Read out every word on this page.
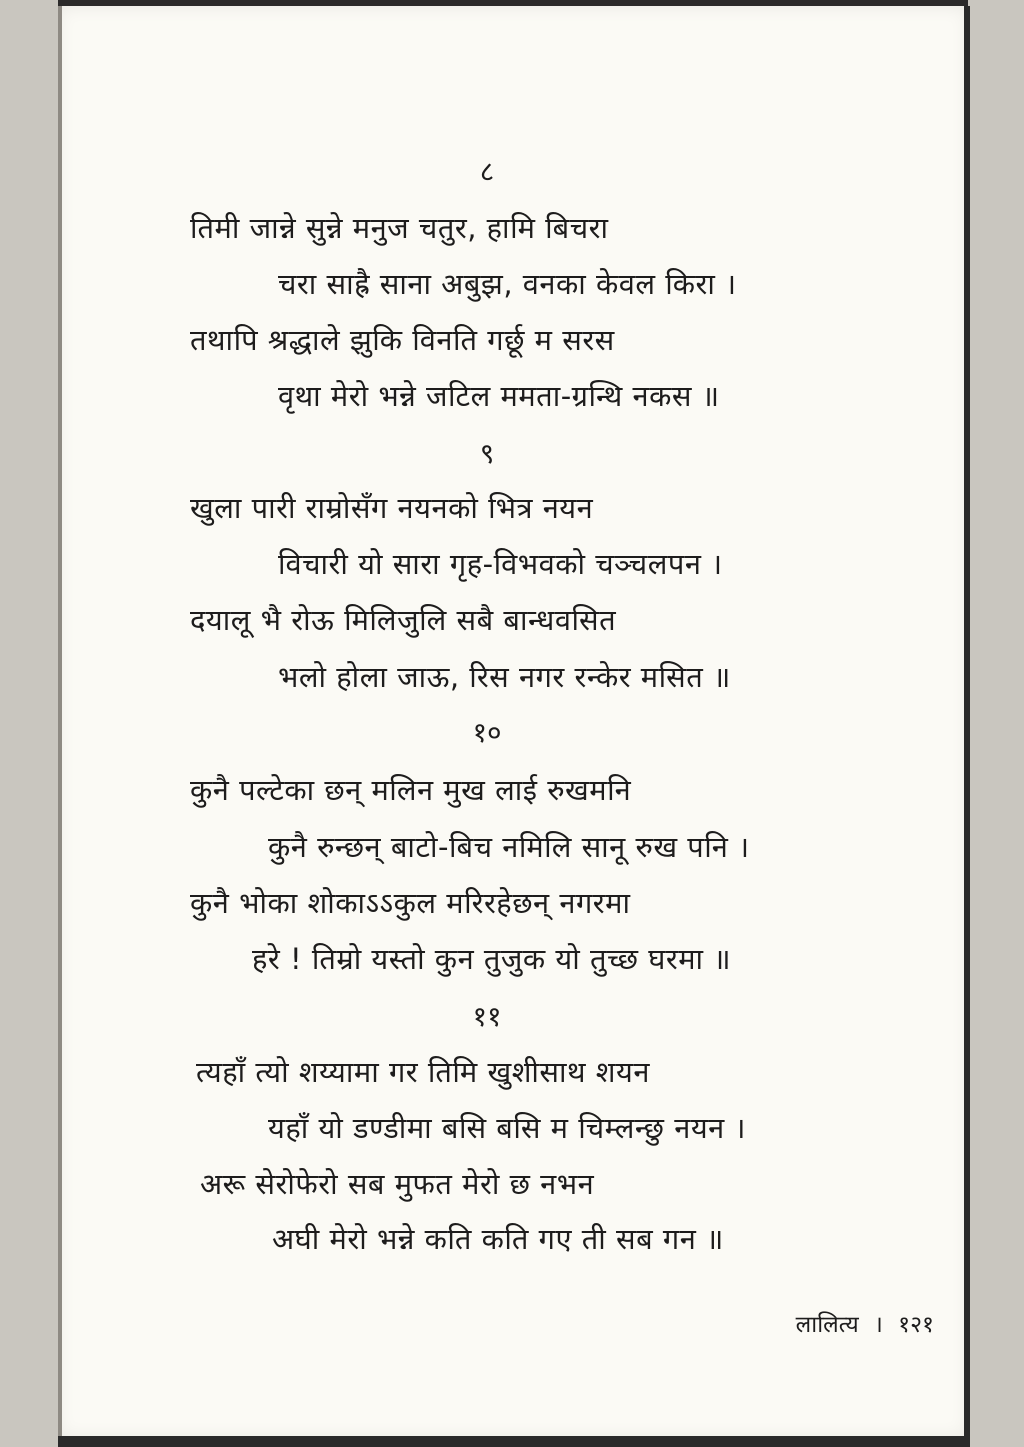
८
तिमी जान्ने सुन्ने मनुज चतुर, हामि बिचरा
चरा साह्रै साना अबुझ, वनका केवल किरा ।
तथापि श्रद्धाले झुकि विनति गर्छू म सरस
वृथा मेरो भन्ने जटिल ममता-ग्रन्थि नकस ॥
९
खुला पारी राम्रोसँग नयनको भित्र नयन
विचारी यो सारा गृह-विभवको चञ्चलपन ।
दयालू भै रोऊ मिलिजुलि सबै बान्धवसित
भलो होला जाऊ, रिस नगर रन्केर मसित ॥
१०
कुनै पल्टेका छन् मलिन मुख लाई रुखमनि
कुनै रुन्छन् बाटो-बिच नमिलि सानू रुख पनि ।
कुनै भोका शोकाऽऽकुल मरिरहेछन् नगरमा
हरे ! तिम्रो यस्तो कुन तुजुक यो तुच्छ घरमा ॥
११
त्यहाँ त्यो शय्यामा गर तिमि खुशीसाथ शयन
यहाँ यो डण्डीमा बसि बसि म चिम्लन्छु नयन ।
अरू सेरोफेरो सब मुफत मेरो छ नभन
अघी मेरो भन्ने कति कति गए ती सब गन ॥
लालित्य । १२१
